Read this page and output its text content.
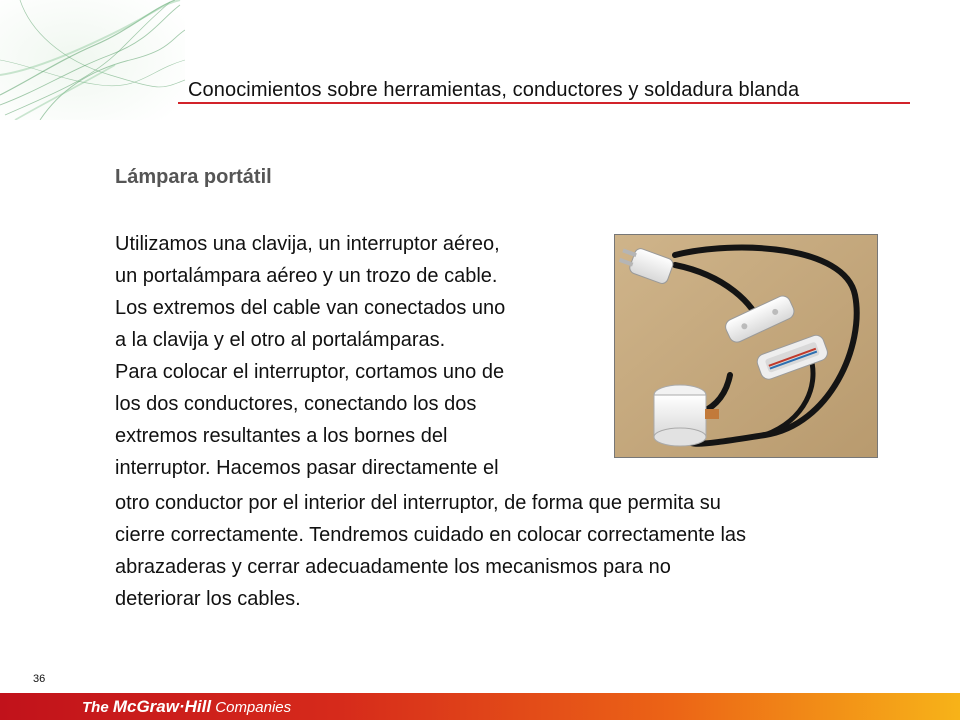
Conocimientos sobre herramientas, conductores y soldadura blanda
Lámpara portátil
Utilizamos una clavija, un interruptor aéreo,
un portalámpara aéreo y un trozo de cable.
Los extremos del cable van conectados uno
a la clavija y el otro al portalámparas.
Para colocar el interruptor, cortamos uno de
los dos conductores, conectando los dos
extremos resultantes a los bornes del
interruptor. Hacemos pasar directamente el
otro conductor por el interior del interruptor, de forma que permita su
cierre correctamente. Tendremos cuidado en colocar correctamente las
abrazaderas y cerrar adecuadamente los mecanismos para no
deteriorar los cables.
36
The McGraw·Hill Companies
